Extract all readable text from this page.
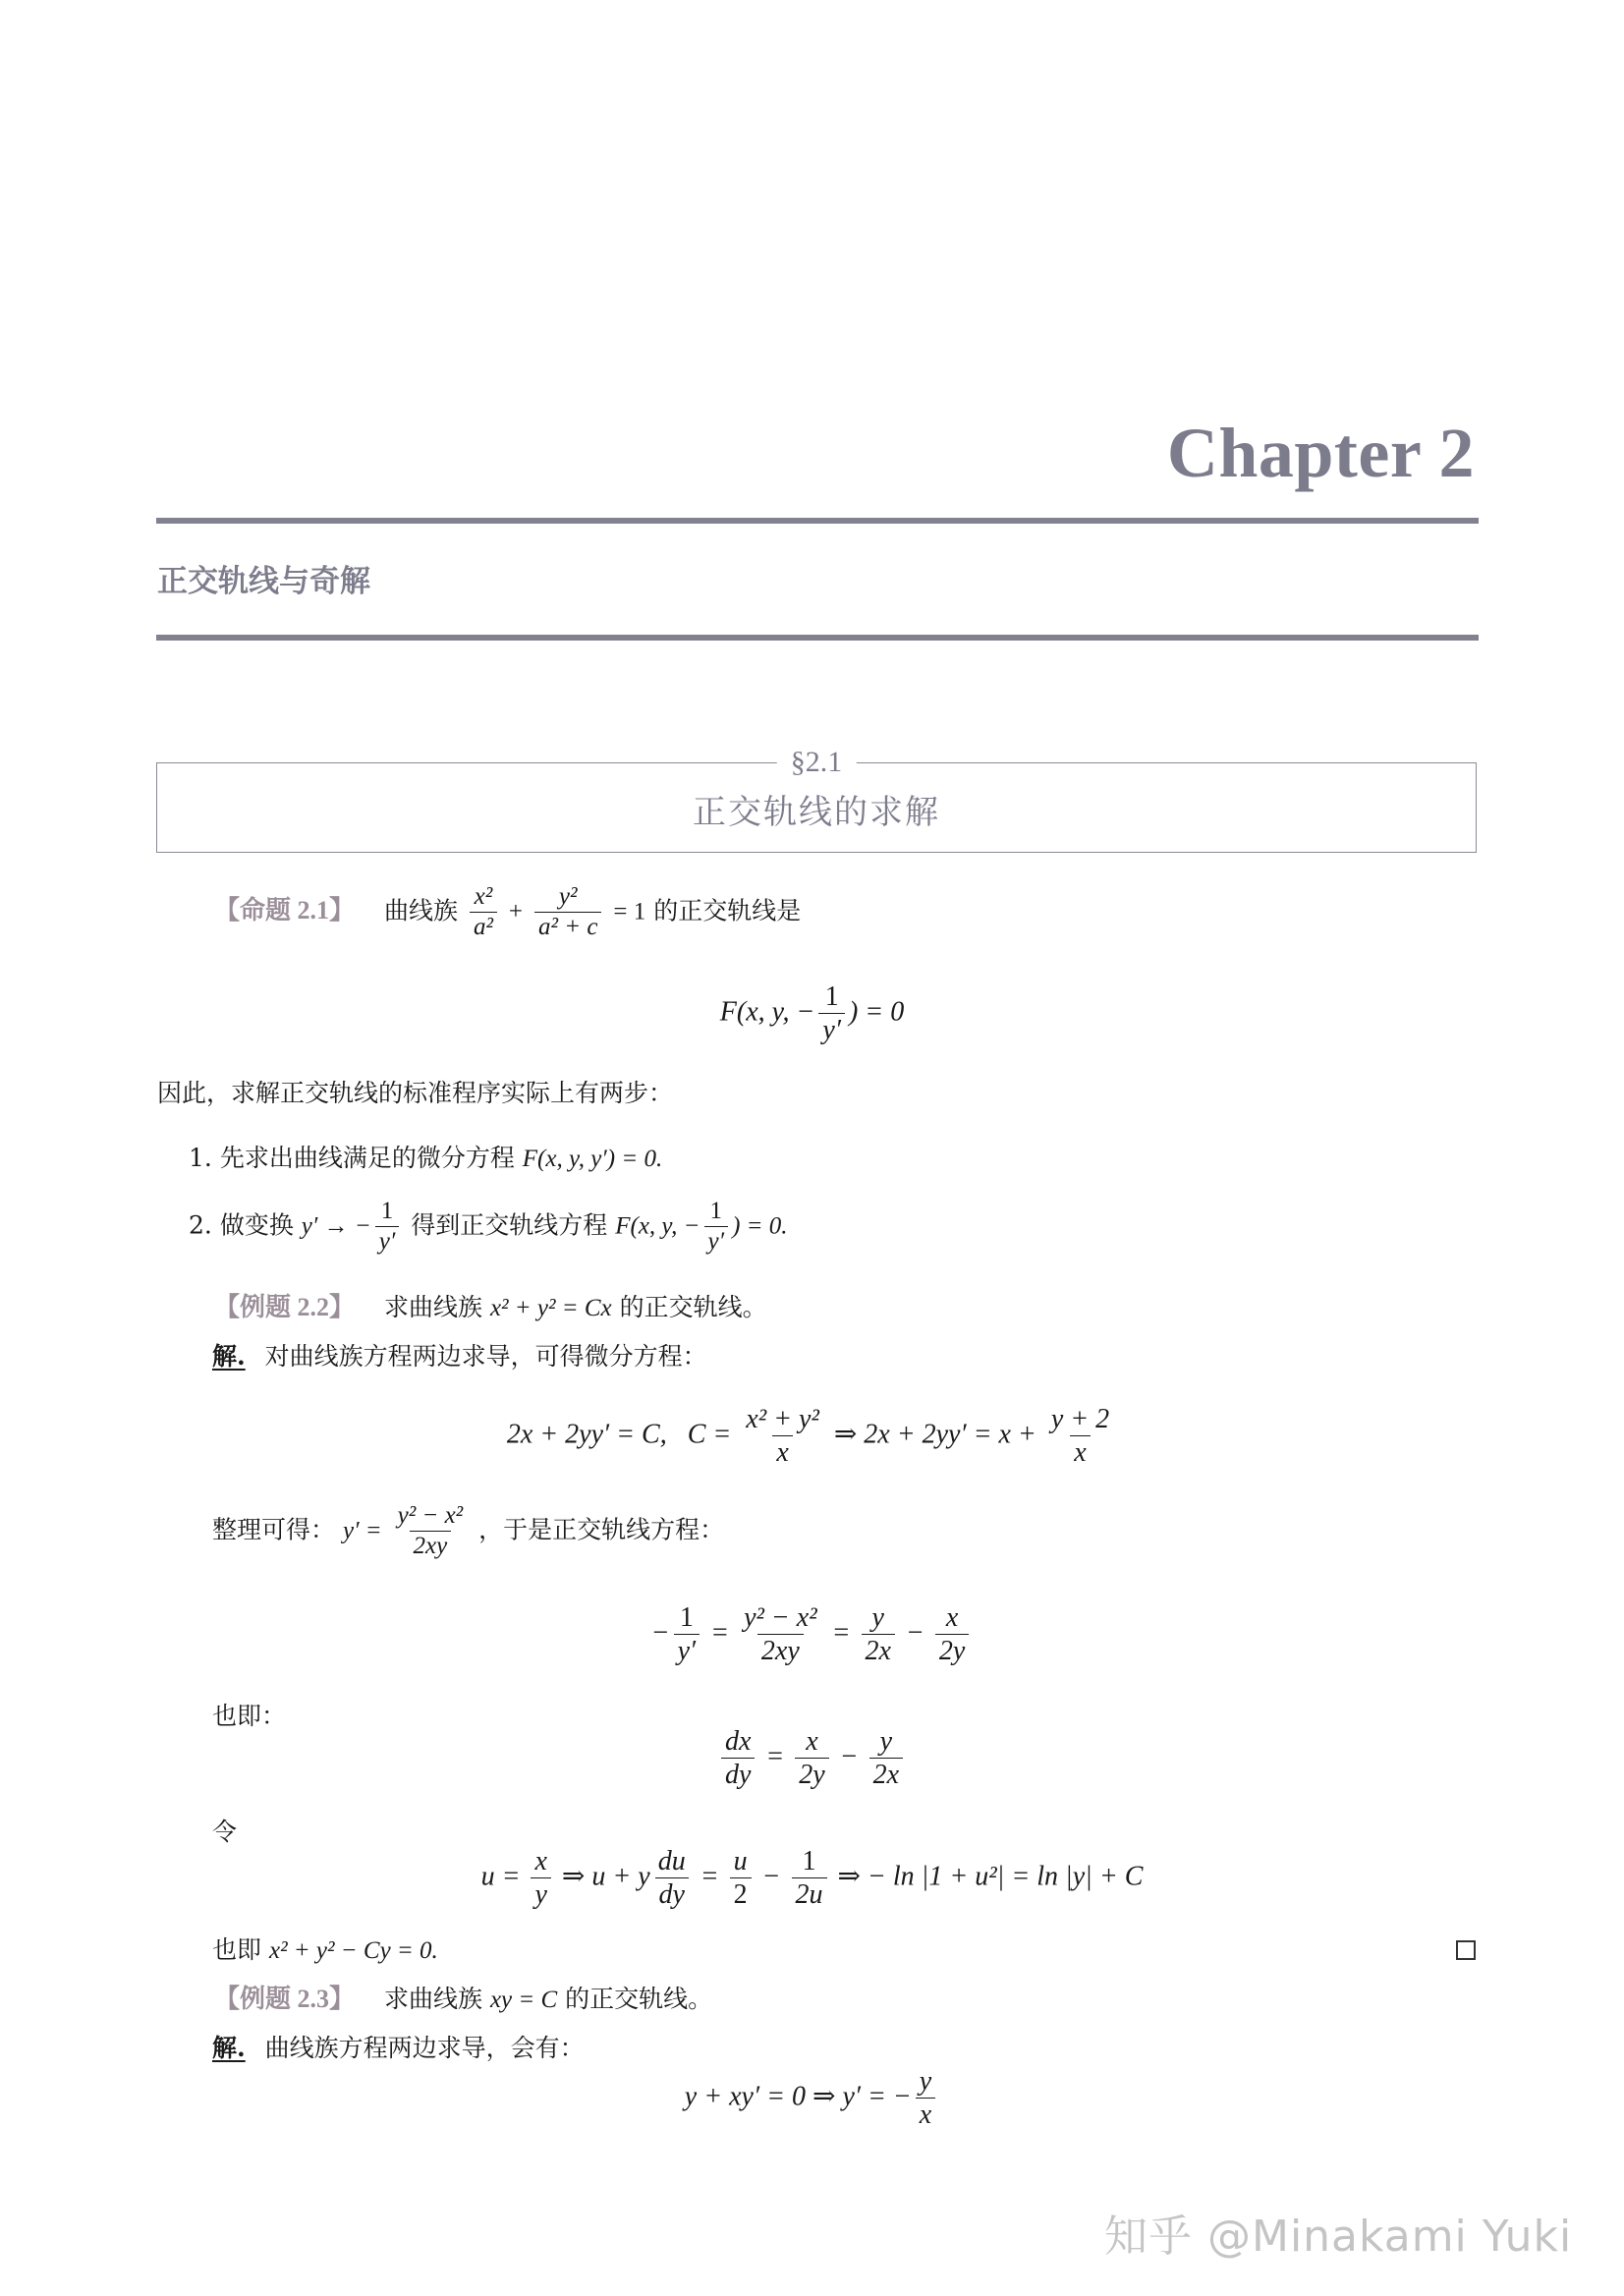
Chapter 2
正交轨线与奇解
§2.1
正交轨线的求解
【命题 2.1】 曲线族 $\frac{\text{x²}}{\text{a²}} + \frac{\text{y²}}{\text{a² + c}} = 1$ 的正交轨线是
F(x, y, − $\frac{1}{y'}$ ) = 0
因此，求解正交轨线的标准程序实际上有两步：
1. 先求出曲线满足的微分方程 F(x, y, y′) = 0.
2. 做变换 y′ → − $\frac{1}{y'}$ 得到正交轨线方程 F(x, y, − $\frac{1}{y'}$ ) = 0.
【例题 2.2】 求曲线族 x² + y² = Cx 的正交轨线。
解. 对曲线族方程两边求导，可得微分方程：
2x + 2yy′ = C, $C = \frac{\text{x² + y²}}{x}$ ⇒ $2x + 2yy' = x + \frac{y + 2}{x}$
整理可得： $y' = \frac{\text{y² − x²}}{2xy}$ ，于是正交轨线方程：
− $\frac{1}{y'} = \frac{\text{y² − x²}}{2xy} = \frac{y}{2x} - \frac{x}{2y}$
也即：
$\frac{dx}{dy} = \frac{x}{2y} - \frac{y}{2x}$
令
$u = \frac{x}{y}$ ⇒ u + y $\frac{du}{dy} = \frac{u}{2} - \frac{1}{2u}$ ⇒ − ln |1 + u²| = ln |y| + C
也即 x² + y² − Cy = 0.
【例题 2.3】 求曲线族 xy = C 的正交轨线。
解. 曲线族方程两边求导，会有：
y + xy′ = 0 ⇒ y′ = − $\frac{y}{x}$
知乎 @Minakami Yuki
